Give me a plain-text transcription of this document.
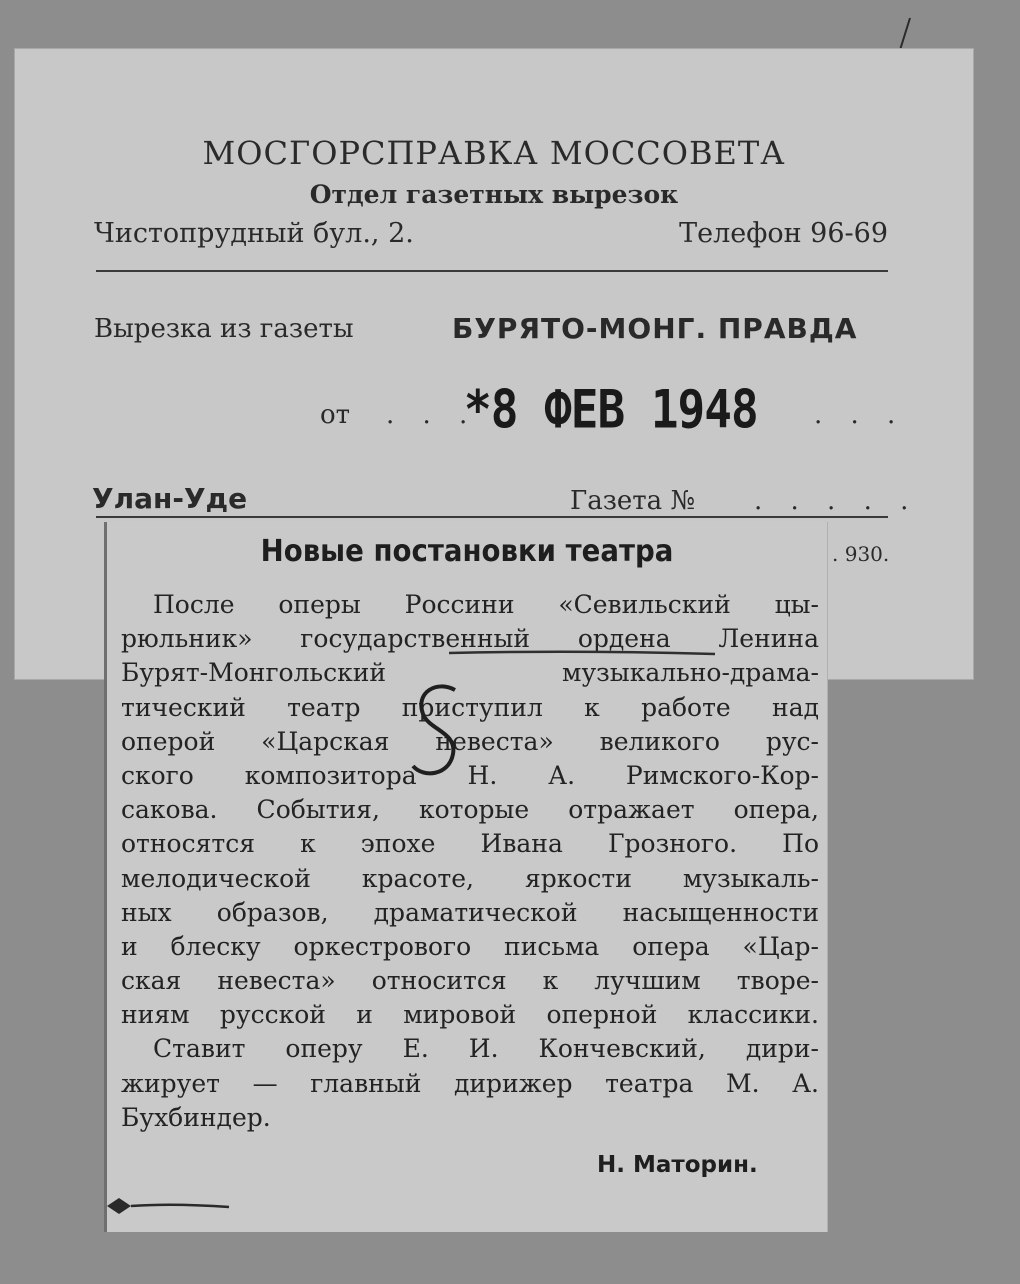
МОСГОРСПРАВКА МОССОВЕТА
Отдел газетных вырезок
Чистопрудный бул., 2.	Телефон 96-69
Вырезка из газеты	БУРЯТО-МОНГ. ПРАВДА
от . . .
*8 ФЕВ 1948 . . .
Улан-Уде	Газета № . . . . .
. 930.
Новые постановки театра
После оперы Россини «Севильский цы-
рюльник» государственный ордена Ленина
Бурят-Монгольский музыкально-драма-
тический театр приступил к работе над
оперой «Царская невеста» великого рус-
ского композитора Н. А. Римского-Кор-
сакова. События, которые отражает опера,
относятся к эпохе Ивана Грозного. По
мелодической красоте, яркости музыкаль-
ных образов, драматической насыщенности
и блеску оркестрового письма опера «Цар-
ская невеста» относится к лучшим творе-
ниям русской и мировой оперной классики.
Ставит оперу Е. И. Кончевский, дири-
жирует — главный дирижер театра М. А.
Бухбиндер.
Н. Маторин.
